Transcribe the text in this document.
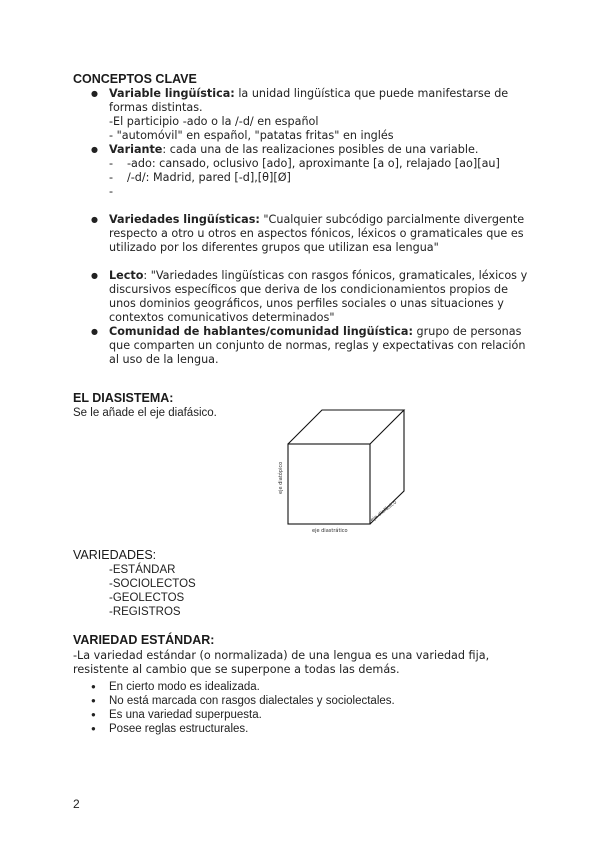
CONCEPTOS CLAVE
● Variable lingüística: la unidad lingüística que puede manifestarse de formas distintas.
-El participio -ado o la /-d/ en español
- "automóvil" en español, "patatas fritas" en inglés
● Variante: cada una de las realizaciones posibles de una variable.
- -ado: cansado, oclusivo [ado], aproximante [a o], relajado [ao][au]
- /-d/: Madrid, pared [-d],[θ][Ø]
-
● Variedades lingüísticas: "Cualquier subcódigo parcialmente divergente respecto a otro u otros en aspectos fónicos, léxicos o gramaticales que es utilizado por los diferentes grupos que utilizan esa lengua"
● Lecto: "Variedades lingüísticas con rasgos fónicos, gramaticales, léxicos y discursivos específicos que deriva de los condicionamientos propios de unos dominios geográficos, unos perfiles sociales o unas situaciones y contextos comunicativos determinados"
● Comunidad de hablantes/comunidad lingüística: grupo de personas que comparten un conjunto de normas, reglas y expectativas con relación al uso de la lengua.
EL DIASISTEMA:
Se le añade el eje diafásico.
eje diatópico
eje diastrático
eje diafásico
VARIEDADES:
-ESTÁNDAR
-SOCIOLECTOS
-GEOLECTOS
-REGISTROS
VARIEDAD ESTÁNDAR:
-La variedad estándar (o normalizada) de una lengua es una variedad fija, resistente al cambio que se superpone a todas las demás.
● En cierto modo es idealizada.
● No está marcada con rasgos dialectales y sociolectales.
● Es una variedad superpuesta.
● Posee reglas estructurales.
2
